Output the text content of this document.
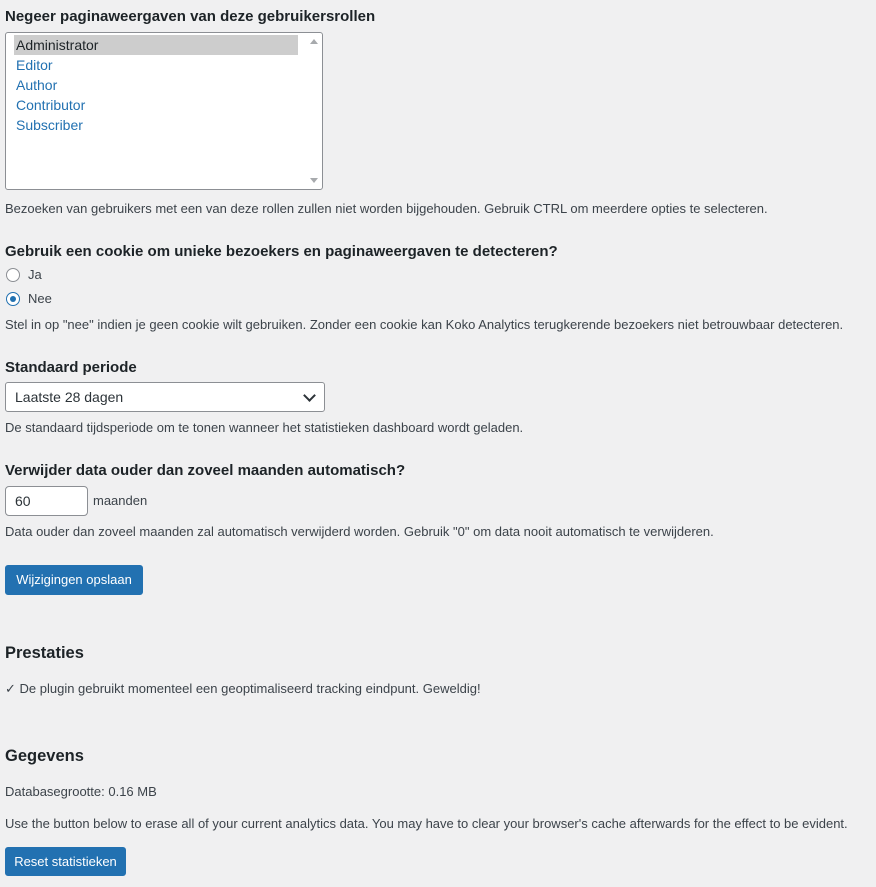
Negeer paginaweergaven van deze gebruikersrollen
Administrator
Editor
Author
Contributor
Subscriber
Bezoeken van gebruikers met een van deze rollen zullen niet worden bijgehouden. Gebruik CTRL om meerdere opties te selecteren.
Gebruik een cookie om unieke bezoekers en paginaweergaven te detecteren?
Ja
Nee
Stel in op "nee" indien je geen cookie wilt gebruiken. Zonder een cookie kan Koko Analytics terugkerende bezoekers niet betrouwbaar detecteren.
Standaard periode
Laatste 28 dagen
De standaard tijdsperiode om te tonen wanneer het statistieken dashboard wordt geladen.
Verwijder data ouder dan zoveel maanden automatisch?
60
maanden
Data ouder dan zoveel maanden zal automatisch verwijderd worden. Gebruik "0" om data nooit automatisch te verwijderen.
Wijzigingen opslaan
Prestaties
✓ De plugin gebruikt momenteel een geoptimaliseerd tracking eindpunt. Geweldig!
Gegevens
Databasegrootte: 0.16 MB
Use the button below to erase all of your current analytics data. You may have to clear your browser's cache afterwards for the effect to be evident.
Reset statistieken
